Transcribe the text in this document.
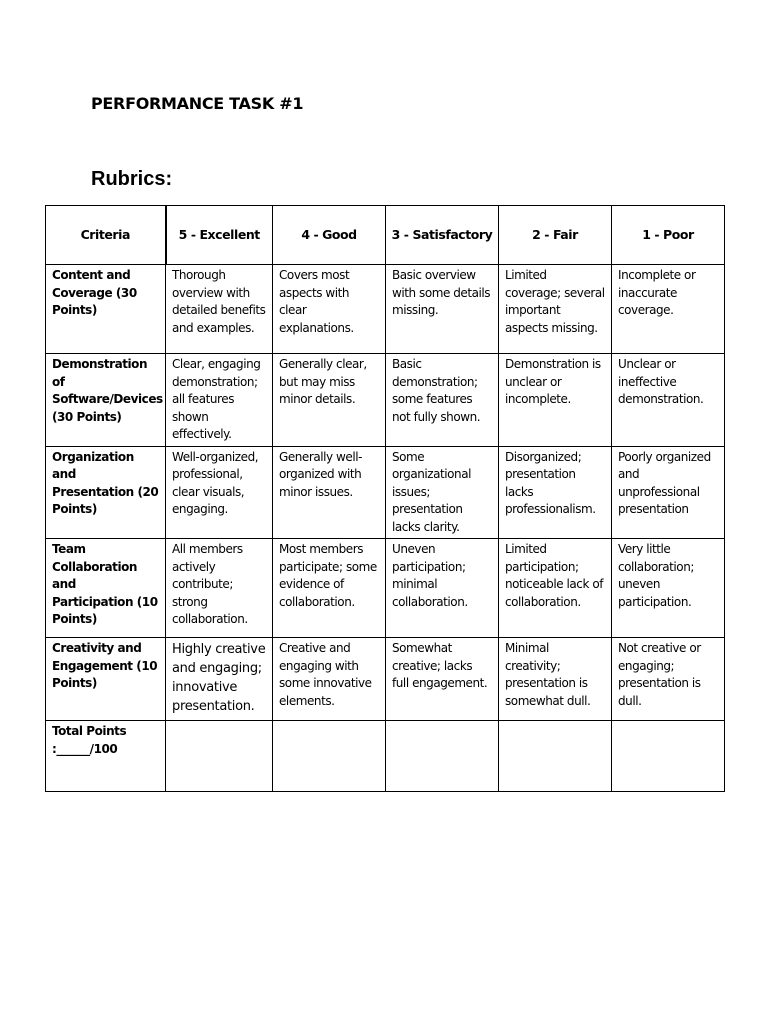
PERFORMANCE TASK #1
Rubrics:
Criteria	5 - Excellent	4 - Good	3 - Satisfactory	2 - Fair	1 - Poor
Content and Coverage (30 Points)	Thorough overview with detailed benefits and examples.	Covers most aspects with clear explanations.	Basic overview with some details missing.	Limited coverage; several important aspects missing.	Incomplete or inaccurate coverage.
Demonstration of Software/Devices (30 Points)	Clear, engaging demonstration; all features shown effectively.	Generally clear, but may miss minor details.	Basic demonstration; some features not fully shown.	Demonstration is unclear or incomplete.	Unclear or ineffective demonstration.
Organization and Presentation (20 Points)	Well-organized, professional, clear visuals, engaging.	Generally well-organized with minor issues.	Some organizational issues; presentation lacks clarity.	Disorganized; presentation lacks professionalism.	Poorly organized and unprofessional presentation
Team Collaboration and Participation (10 Points)	All members actively contribute; strong collaboration.	Most members participate; some evidence of collaboration.	Uneven participation; minimal collaboration.	Limited participation; noticeable lack of collaboration.	Very little collaboration; uneven participation.
Creativity and Engagement (10 Points)	Highly creative and engaging; innovative presentation.	Creative and engaging with some innovative elements.	Somewhat creative; lacks full engagement.	Minimal creativity; presentation is somewhat dull.	Not creative or engaging; presentation is dull.
Total Points :______/100					
